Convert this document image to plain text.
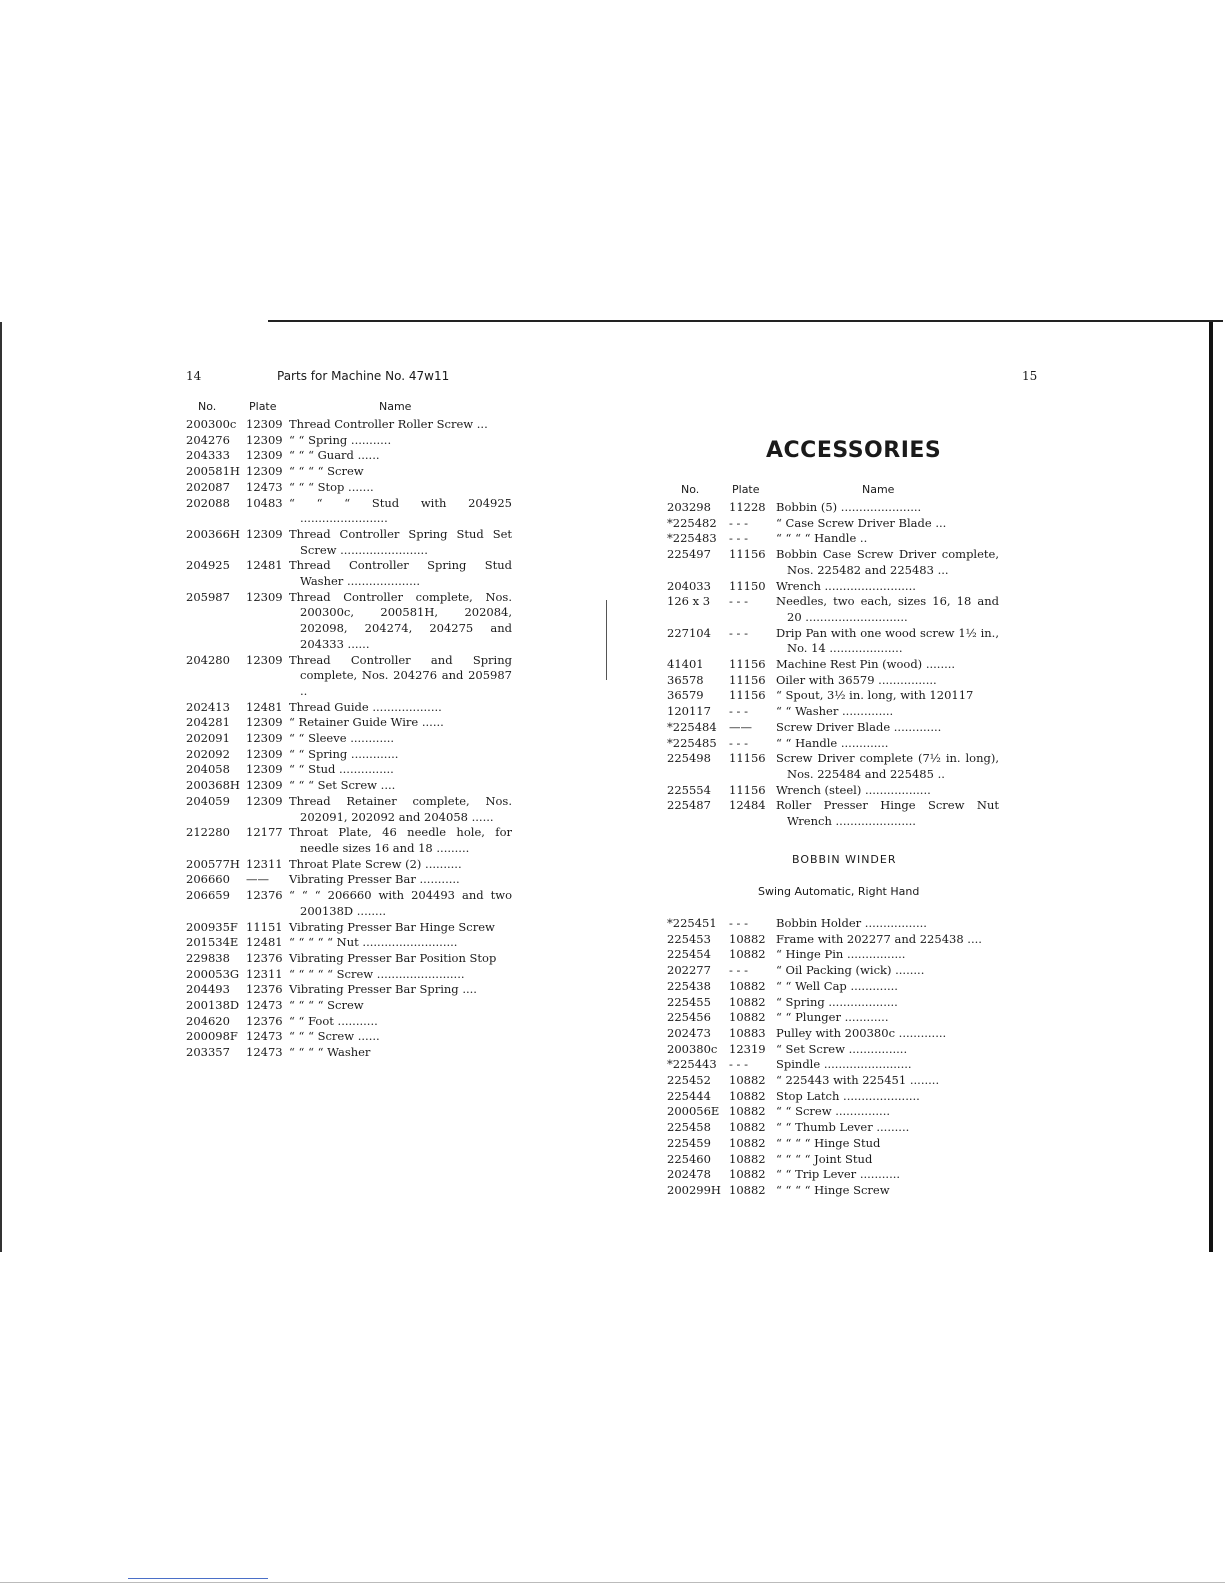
14	Parts for Machine No. 47w11
No.	Plate	Name
200300c 12309 Thread Controller Roller Screw ...
204276 12309 “ “ Spring ...........
204333 12309 “ “ “ Guard ......
200581H 12309 “ “ “ “ Screw
202087 12473 “ “ “ Stop .......
202088 10483 “ “ “ Stud with 204925 ........................
200366H 12309 Thread Controller Spring Stud Set Screw ........................
204925 12481 Thread Controller Spring Stud Washer ....................
205987 12309 Thread Controller complete, Nos. 200300c, 200581H, 202084, 202098, 204274, 204275 and 204333 ......
204280 12309 Thread Controller and Spring complete, Nos. 204276 and 205987 ..
202413 12481 Thread Guide ...................
204281 12309 “ Retainer Guide Wire ......
202091 12309 “ “ Sleeve ............
202092 12309 “ “ Spring .............
204058 12309 “ “ Stud ...............
200368H 12309 “ “ “ Set Screw ....
204059 12309 Thread Retainer complete, Nos. 202091, 202092 and 204058 ......
212280 12177 Throat Plate, 46 needle hole, for needle sizes 16 and 18 .........
200577H 12311 Throat Plate Screw (2) ..........
206660 —— Vibrating Presser Bar ...........
206659 12376 “ “ “ 206660 with 204493 and two 200138D ........
200935F 11151 Vibrating Presser Bar Hinge Screw
201534E 12481 “ “ “ “ “ Nut ..........................
229838 12376 Vibrating Presser Bar Position Stop
200053G 12311 “ “ “ “ “ Screw ........................
204493 12376 Vibrating Presser Bar Spring ....
200138D 12473 “ “ “ “ Screw
204620 12376 “ “ Foot ...........
200098F 12473 “ “ “ Screw ......
203357 12473 “ “ “ “ Washer
15
ACCESSORIES
No.	Plate	Name
203298 11228 Bobbin (5) ......................
*225482 - - - “ Case Screw Driver Blade ...
*225483 - - - “ “ “ “ Handle ..
225497 11156 Bobbin Case Screw Driver complete, Nos. 225482 and 225483 ...
204033 11150 Wrench .........................
126 x 3 - - - Needles, two each, sizes 16, 18 and 20 ............................
227104 - - - Drip Pan with one wood screw 1½ in., No. 14 ....................
41401 11156 Machine Rest Pin (wood) ........
36578 11156 Oiler with 36579 ................
36579 11156 “ Spout, 3½ in. long, with 120117
120117 - - - “ “ Washer ..............
*225484 —— Screw Driver Blade .............
*225485 - - - “ “ Handle .............
225498 11156 Screw Driver complete (7½ in. long), Nos. 225484 and 225485 ..
225554 11156 Wrench (steel) ..................
225487 12484 Roller Presser Hinge Screw Nut Wrench ......................
BOBBIN WINDER
Swing Automatic, Right Hand
*225451 - - - Bobbin Holder .................
225453 10882 Frame with 202277 and 225438 ....
225454 10882 “ Hinge Pin ................
202277 - - - “ Oil Packing (wick) ........
225438 10882 “ “ Well Cap .............
225455 10882 “ Spring ...................
225456 10882 “ “ Plunger ............
202473 10883 Pulley with 200380c .............
200380c 12319 “ Set Screw ................
*225443 - - - Spindle ........................
225452 10882 “ 225443 with 225451 ........
225444 10882 Stop Latch .....................
200056E 10882 “ “ Screw ...............
225458 10882 “ “ Thumb Lever .........
225459 10882 “ “ “ “ Hinge Stud
225460 10882 “ “ “ “ Joint Stud
202478 10882 “ “ Trip Lever ...........
200299H 10882 “ “ “ “ Hinge Screw
